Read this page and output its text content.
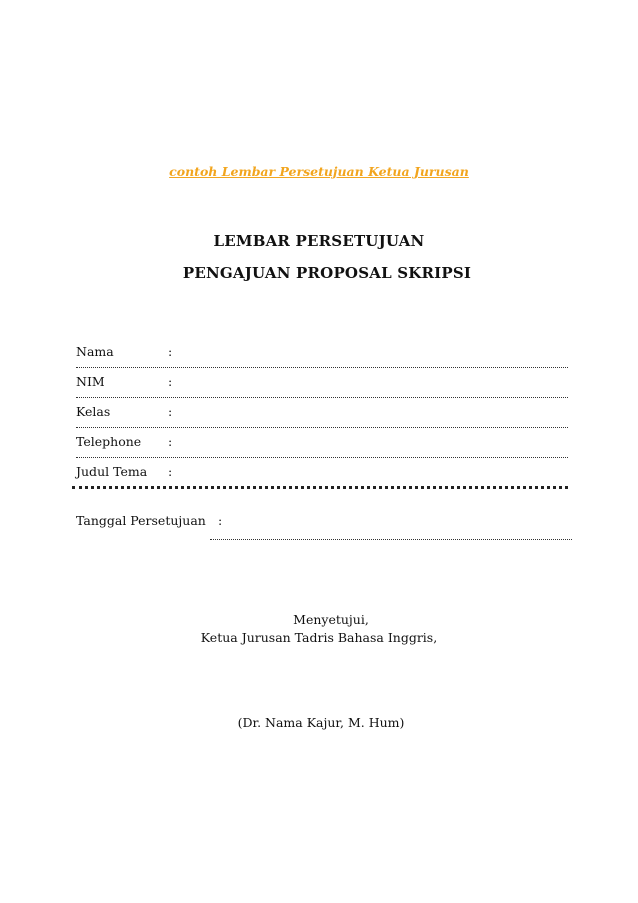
contoh Lembar Persetujuan Ketua Jurusan
LEMBAR PERSETUJUAN
PENGAJUAN PROPOSAL SKRIPSI
Nama	:
NIM	:
Kelas	:
Telephone :
Judul Tema :
Tanggal Persetujuan :
Menyetujui,
Ketua Jurusan Tadris Bahasa Inggris,
(Dr. Nama Kajur, M. Hum)
